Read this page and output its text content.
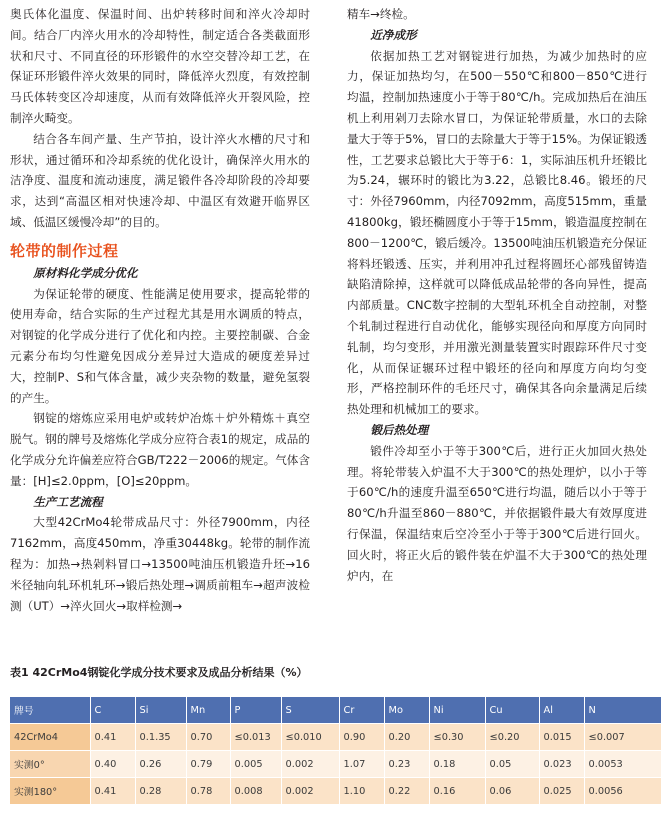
奥氏体化温度、保温时间、出炉转移时间和淬火冷却时间。结合厂内淬火用水的冷却特性，制定适合各类截面形状和尺寸、不同直径的环形锻件的水空交替冷却工艺，在保证环形锻件淬火效果的同时，降低淬火烈度，有效控制马氏体转变区冷却速度，从而有效降低淬火开裂风险，控制淬火畸变。

结合各车间产量、生产节拍，设计淬火水槽的尺寸和形状，通过循环和冷却系统的优化设计，确保淬火用水的洁净度、温度和流动速度，满足锻件各冷却阶段的冷却要求，达到“高温区相对快速冷却、中温区有效避开临界区域、低温区缓慢冷却”的目的。

轮带的制作过程

原材料化学成分优化

为保证轮带的硬度、性能满足使用要求，提高轮带的使用寿命，结合实际的生产过程尤其是用水调质的特点，对钢锭的化学成分进行了优化和内控。主要控制碳、合金元素分布均匀性避免因成分差异过大造成的硬度差异过大，控制P、S和气体含量，减少夹杂物的数量，避免氢裂的产生。

钢锭的熔炼应采用电炉或转炉冶炼＋炉外精炼＋真空脱气。钢的牌号及熔炼化学成分应符合表1的规定，成品的化学成分允许偏差应符合GB/T222－2006的规定。气体含量：[H]≤2.0ppm，[O]≤20ppm。

生产工艺流程

大型42CrMo4轮带成品尺寸：外径7900mm，内径7162mm，高度450mm，净重30448kg。轮带的制作流程为：加热→热剁料冒口→13500吨油压机锻造升坯→16米径轴向轧环机轧环→锻后热处理→调质前粗车→超声波检测（UT）→淬火回火→取样检测→

精车→终检。

近净成形

依据加热工艺对钢锭进行加热，为减少加热时的应力，保证加热均匀，在500－550℃和800－850℃进行均温，控制加热速度小于等于80℃/h。完成加热后在油压机上利用剁刀去除水冒口，为保证轮带质量，水口的去除量大于等于5%，冒口的去除量大于等于15%。为保证锻透性，工艺要求总锻比大于等于6：1，实际油压机升坯锻比为5.24，辗环时的锻比为3.22，总锻比8.46。锻坯的尺寸：外径7960mm，内径7092mm，高度515mm，重量41800kg，锻坯椭圆度小于等于15mm，锻造温度控制在800－1200℃，锻后缓冷。13500吨油压机锻造充分保证将料坯锻透、压实，并利用冲孔过程将圆坯心部残留铸造缺陷清除掉，这样就可以降低成品轮带的各向异性，提高内部质量。CNC数字控制的大型轧环机全自动控制，对整个轧制过程进行自动优化，能够实现径向和厚度方向同时轧制，均匀变形，并用激光测量装置实时跟踪环件尺寸变化，从而保证辗环过程中锻坯的径向和厚度方向均匀变形，严格控制环件的毛坯尺寸，确保其各向余量满足后续热处理和机械加工的要求。

锻后热处理

锻件冷却至小于等于300℃后，进行正火加回火热处理。将轮带装入炉温不大于300℃的热处理炉，以小于等于60℃/h的速度升温至650℃进行均温，随后以小于等于80℃/h升温至860－880℃，并依据锻件最大有效厚度进行保温，保温结束后空冷至小于等于300℃后进行回火。回火时，将正火后的锻件装在炉温不大于300℃的热处理炉内，在

表1 42CrMo4钢锭化学成分技术要求及成品分析结果（%）
牌号	C	Si	Mn	P	S	Cr	Mo	Ni	Cu	Al	N
42CrMo4	0.41	0.1.35	0.70	≤0.013	≤0.010	0.90	0.20	≤0.30	≤0.20	0.015	≤0.007
实测0°	0.40	0.26	0.79	0.005	0.002	1.07	0.23	0.18	0.05	0.023	0.0053
实测180°	0.41	0.28	0.78	0.008	0.002	1.10	0.22	0.16	0.06	0.025	0.0056
